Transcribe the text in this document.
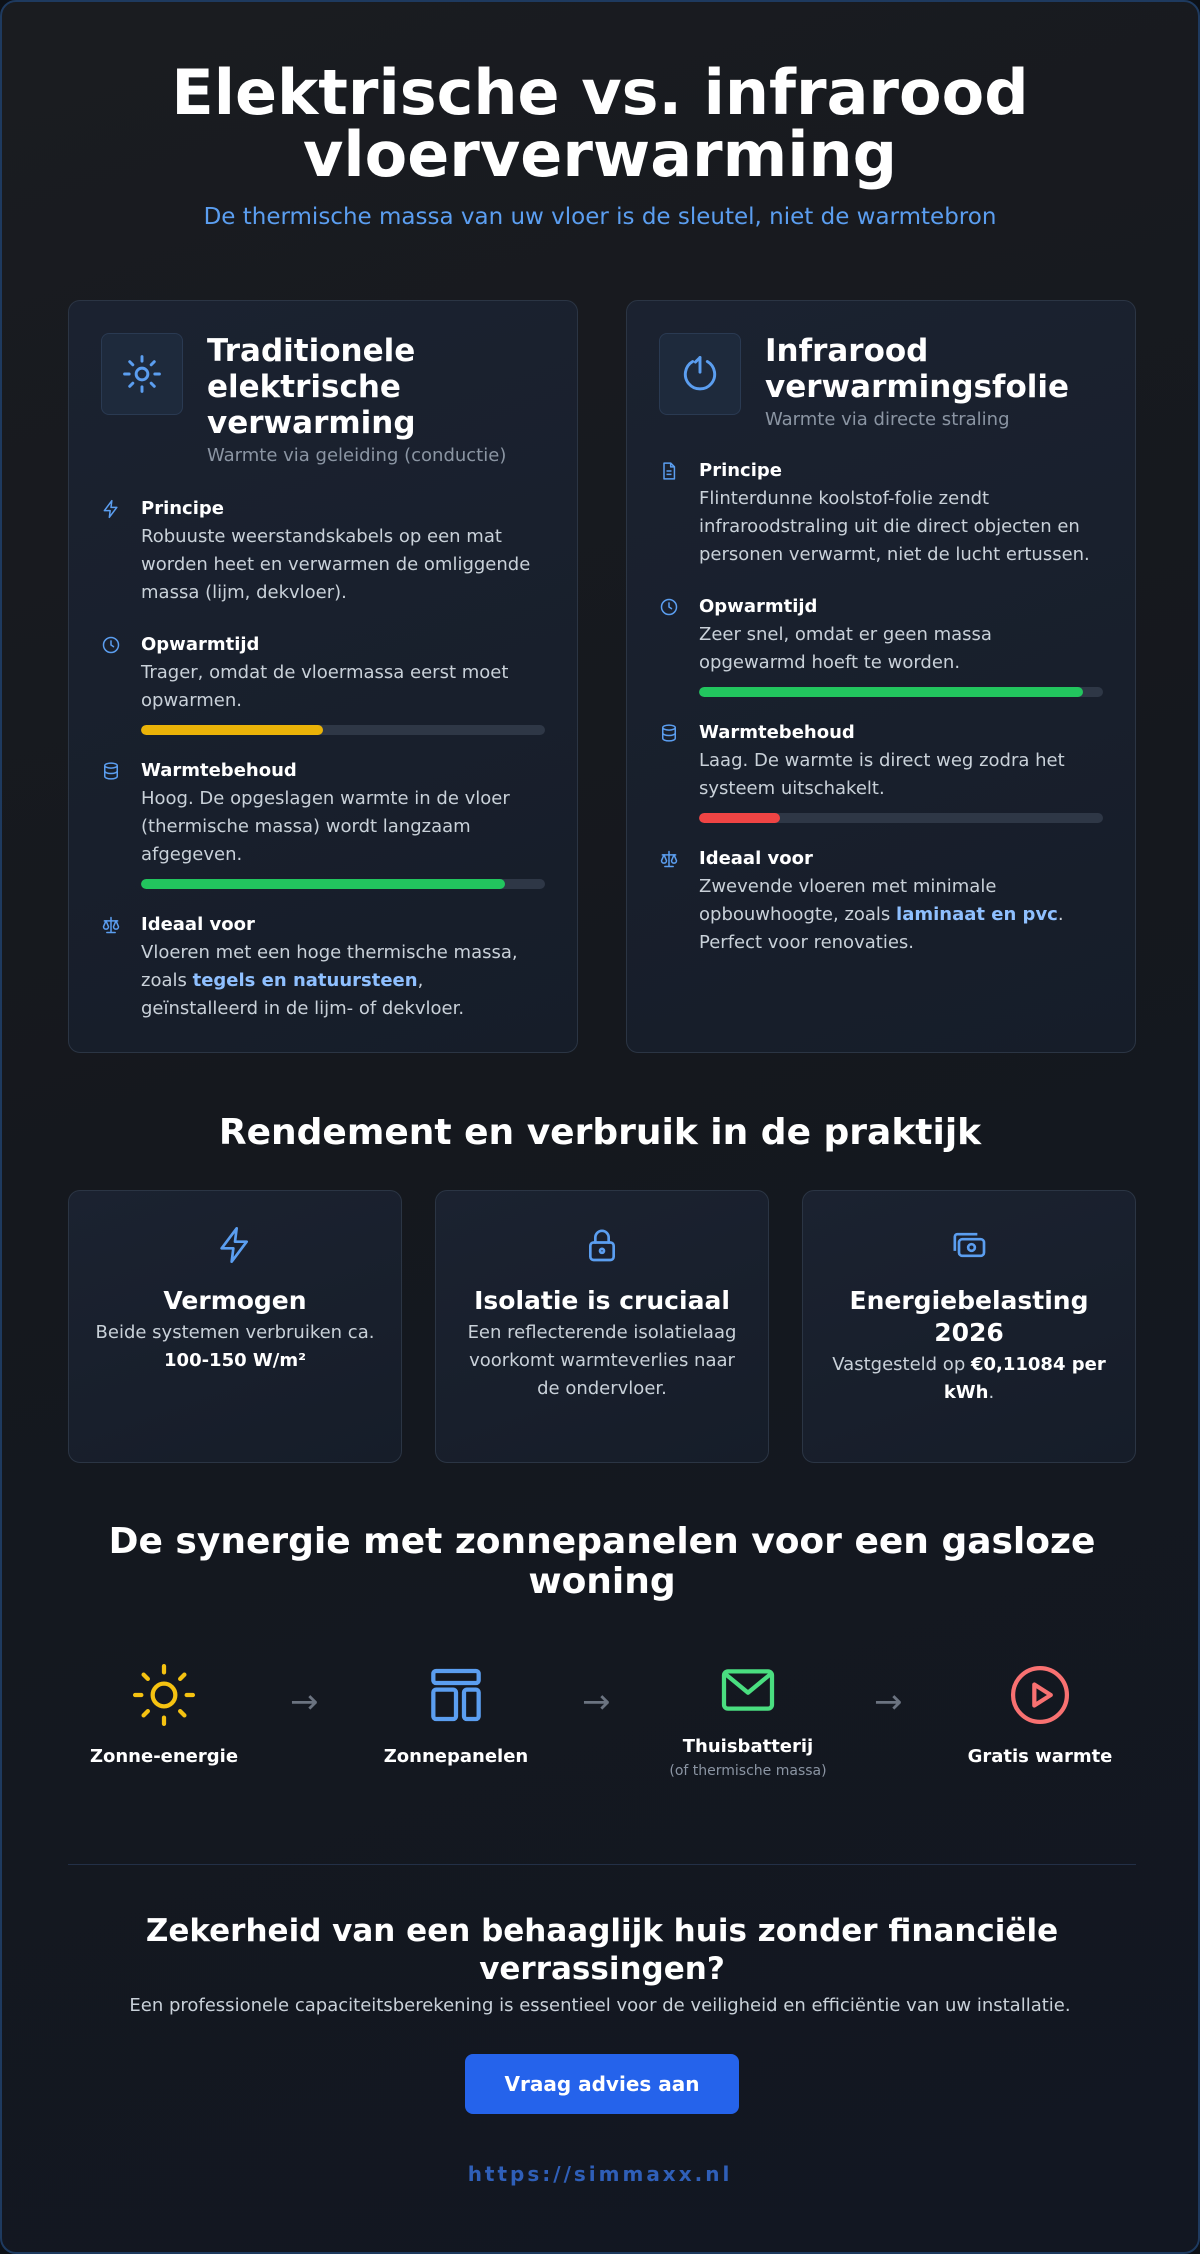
Elektrische vs. infrarood vloerverwarming

De thermische massa van uw vloer is de sleutel, niet de warmtebron

Traditionele elektrische verwarming
Warmte via geleiding (conductie)
Principe
Robuuste weerstandskabels op een mat worden heet en verwarmen de omliggende massa (lijm, dekvloer).
Opwarmtijd
Trager, omdat de vloermassa eerst moet opwarmen.
Warmtebehoud
Hoog. De opgeslagen warmte in de vloer (thermische massa) wordt langzaam afgegeven.
Ideaal voor
Vloeren met een hoge thermische massa, zoals tegels en natuursteen, geïnstalleerd in de lijm- of dekvloer.
Infrarood verwarmingsfolie
Warmte via directe straling
Principe
Flinterdunne koolstof-folie zendt infraroodstraling uit die direct objecten en personen verwarmt, niet de lucht ertussen.
Opwarmtijd
Zeer snel, omdat er geen massa opgewarmd hoeft te worden.
Warmtebehoud
Laag. De warmte is direct weg zodra het systeem uitschakelt.
Ideaal voor
Zwevende vloeren met minimale opbouwhoogte, zoals laminaat en pvc. Perfect voor renovaties.
Rendement en verbruik in de praktijk
Vermogen
Beide systemen verbruiken ca. 100-150 W/m²
Isolatie is cruciaal
Een reflecterende isolatielaag voorkomt warmteverlies naar de ondervloer.
Energiebelasting 2026
Vastgesteld op €0,11084 per kWh.
De synergie met zonnepanelen voor een gasloze woning
Zonne-energie	Zonnepanelen	Thuisbatterij
(of thermische massa)
Gratis warmte
→	→	→
Zekerheid van een behaaglijk huis zonder financiële verrassingen?
Een professionele capaciteitsberekening is essentieel voor de veiligheid en efficiëntie van uw installatie.
Vraag advies aan
https://simmaxx.nl
